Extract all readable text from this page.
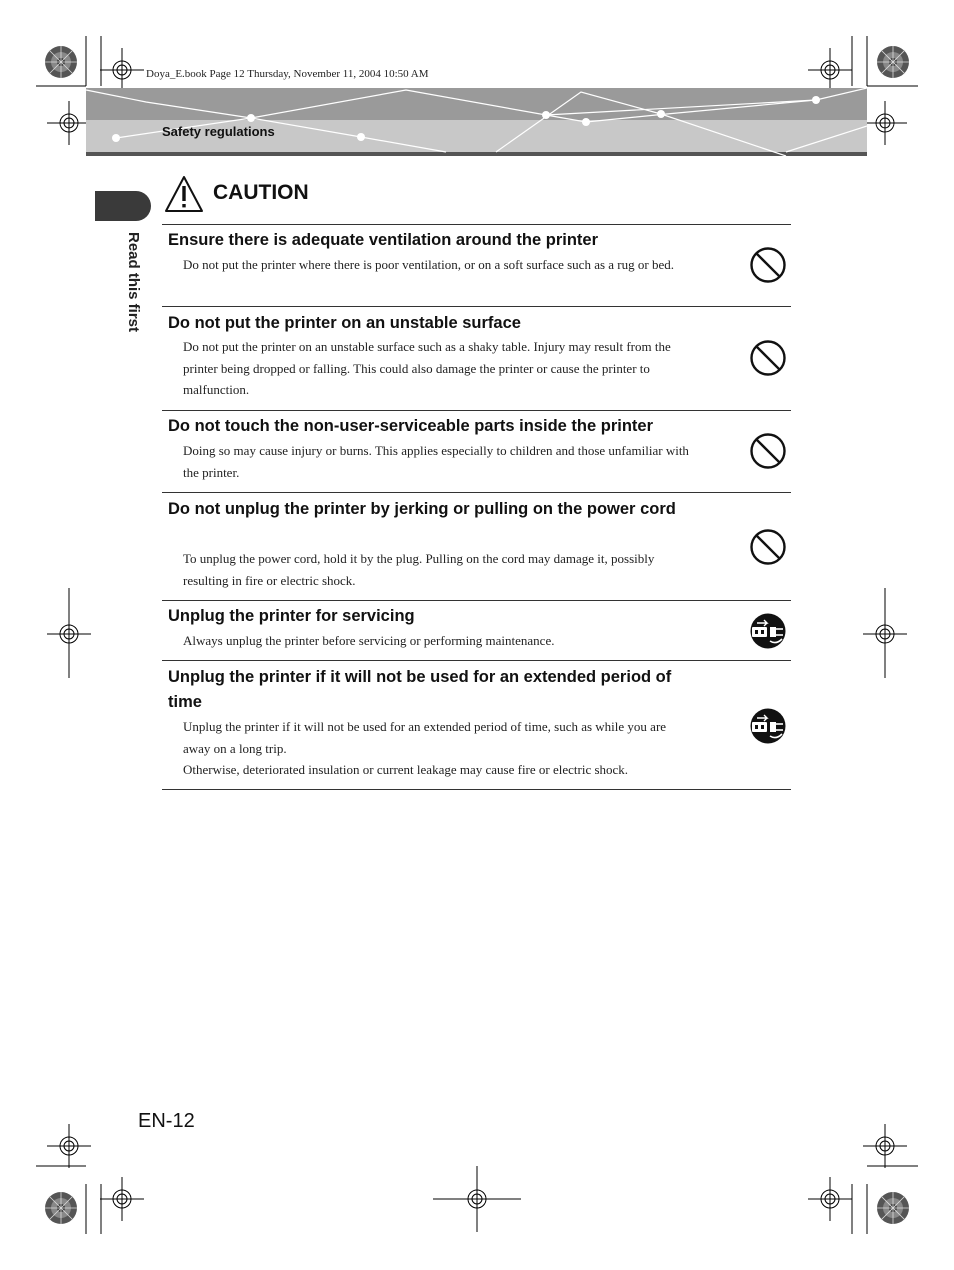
Doya_E.book Page 12 Thursday, November 11, 2004 10:50 AM
Safety regulations
Read this first
CAUTION
Ensure there is adequate ventilation around the printer

Do not put the printer where there is poor ventilation, or on a soft surface such as a rug or bed.

Do not put the printer on an unstable surface

Do not put the printer on an unstable surface such as a shaky table. Injury may result from the printer being dropped or falling. This could also damage the printer or cause the printer to malfunction.

Do not touch the non-user-serviceable parts inside the printer

Doing so may cause injury or burns. This applies especially to children and those unfamiliar with the printer.

Do not unplug the printer by jerking or pulling on the power cord

To unplug the power cord, hold it by the plug. Pulling on the cord may damage it, possibly resulting in fire or electric shock.

Unplug the printer for servicing

Always unplug the printer before servicing or performing maintenance.

Unplug the printer if it will not be used for an extended period of time

Unplug the printer if it will not be used for an extended period of time, such as while you are away on a long trip.

Otherwise, deteriorated insulation or current leakage may cause fire or electric shock.

EN-12
